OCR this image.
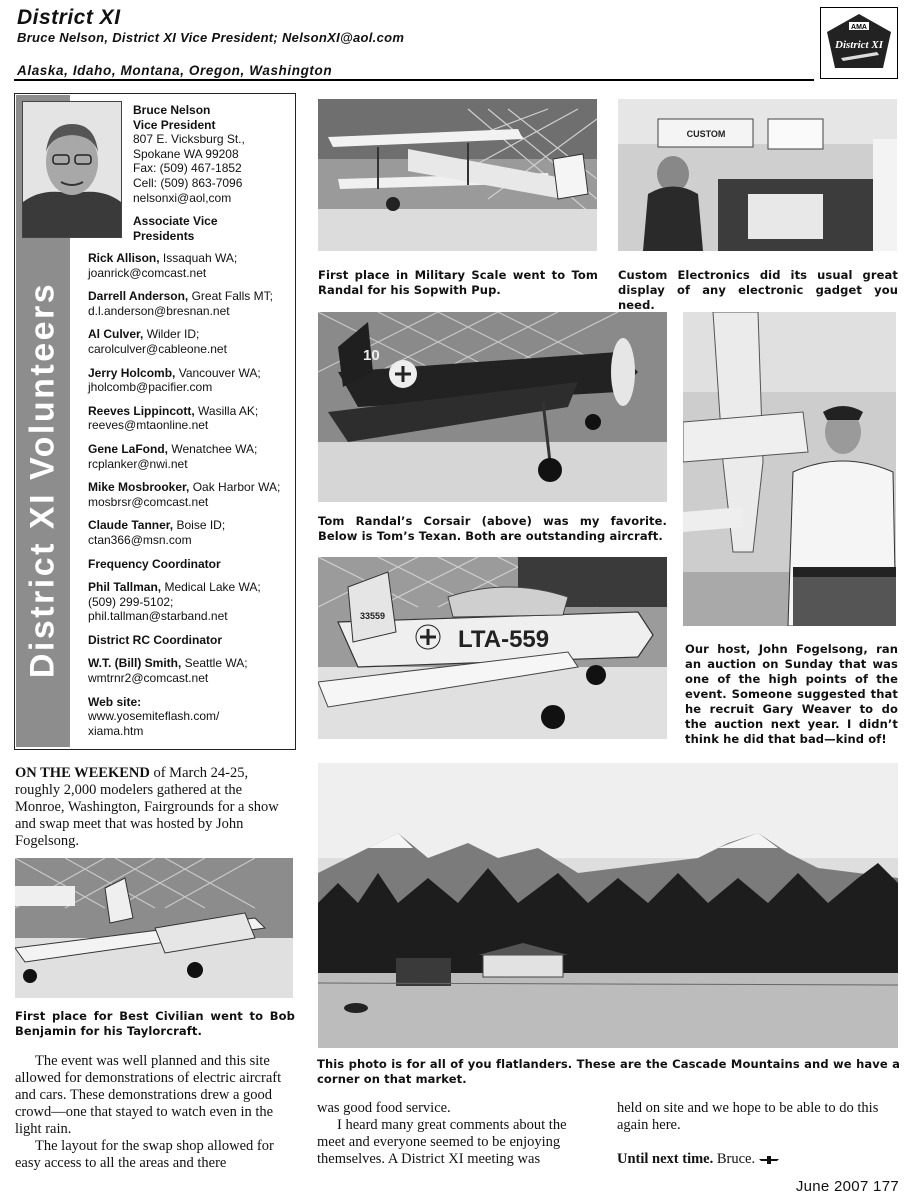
District XI
Bruce Nelson, District XI Vice President; NelsonXI@aol.com
Alaska, Idaho, Montana, Oregon, Washington
AMA
District XI
District XI Volunteers
Bruce Nelson
Vice President
807 E. Vicksburg St.,
Spokane WA 99208
Fax: (509) 467-1852
Cell: (509) 863-7096
nelsonxi@aol,com
Associate Vice
Presidents
Rick Allison, Issaquah WA;
joanrick@comcast.net
Darrell Anderson, Great Falls MT; d.l.anderson@bresnan.net
Al Culver, Wilder ID;
carolculver@cableone.net
Jerry Holcomb, Vancouver WA;
jholcomb@pacifier.com
Reeves Lippincott, Wasilla AK;
reeves@mtaonline.net
Gene LaFond, Wenatchee WA;
rcplanker@nwi.net
Mike Mosbrooker, Oak Harbor WA; mosbrsr@comcast.net
Claude Tanner, Boise ID;
ctan366@msn.com
Frequency Coordinator
Phil Tallman, Medical Lake WA;
(509) 299-5102;
phil.tallman@starband.net
District RC Coordinator
W.T. (Bill) Smith, Seattle WA;
wmtrnr2@comcast.net
Web site:
www.yosemiteflash.com/
xiama.htm
First place in Military Scale went to Tom Randal for his Sopwith Pup.
CUSTOM
Custom Electronics did its usual great display of any electronic gadget you need.
10
Tom Randal’s Corsair (above) was my favorite. Below is Tom’s Texan. Both are outstanding aircraft.
Our host, John Fogelsong, ran an auction on Sunday that was one of the high points of the event. Someone suggested that he recruit Gary Weaver to do the auction next year. I didn’t think he did that bad—kind of!
LTA-559
33559
This photo is for all of you flatlanders. These are the Cascade Mountains and we have a corner on that market.
First place for Best Civilian went to Bob Benjamin for his Taylorcraft.

ON THE WEEKEND of March 24-25, roughly 2,000 modelers gathered at the Monroe, Washington, Fairgrounds for a show and swap meet that was hosted by John Fogelsong.

The event was well planned and this site allowed for demonstrations of electric aircraft and cars. These demonstrations drew a good crowd—one that stayed to watch even in the light rain.

The layout for the swap shop allowed for easy access to all the areas and there

was good food service.

I heard many great comments about the meet and everyone seemed to be enjoying themselves. A District XI meeting was

held on site and we hope to be able to do this again here.

Until next time. Bruce.

June 2007 177
